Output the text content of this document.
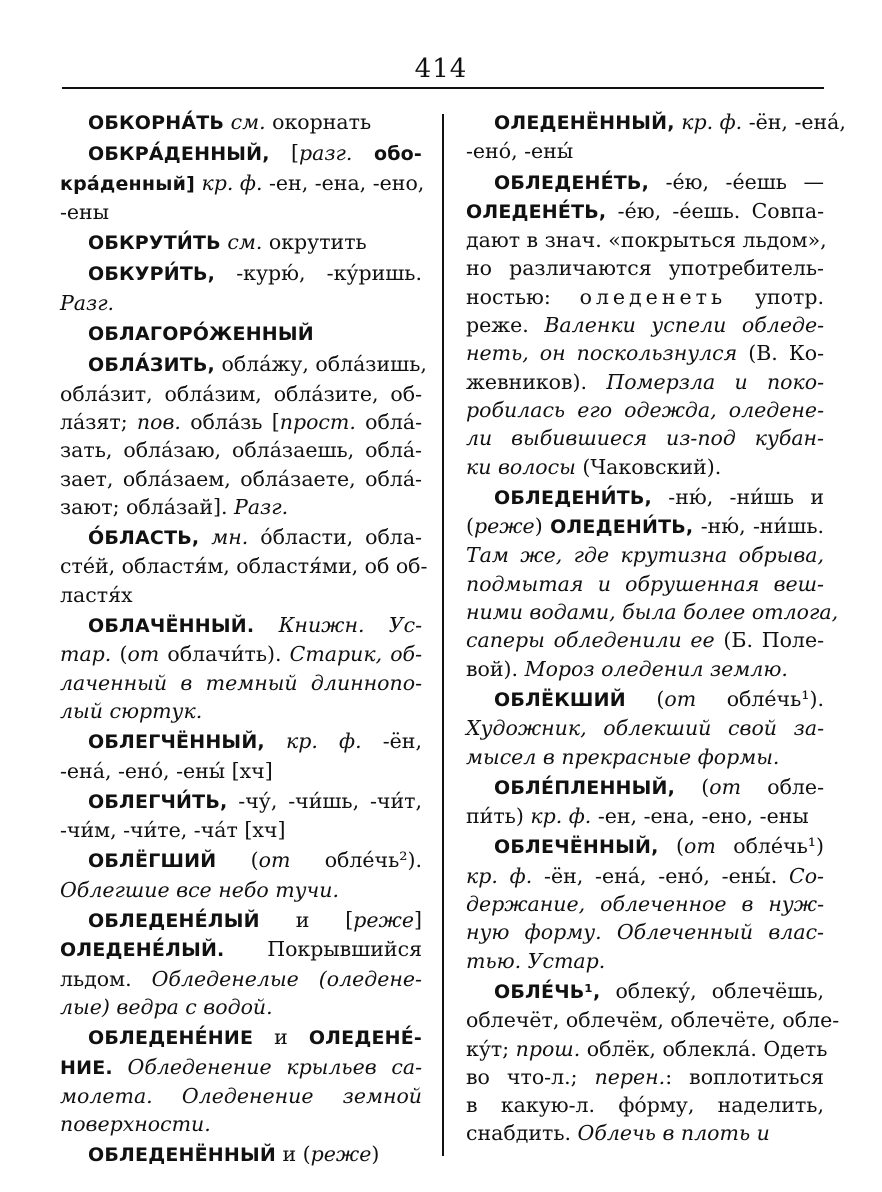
414
ОБКОРНА́ТЬ см. окорнать
ОБКРА́ДЕННЫЙ, [разг. обо-
кра́денный] кр. ф. -ен, -ена, -ено,
-ены
ОБКРУТИ́ТЬ см. окрутить
ОБКУРИ́ТЬ, -курю́, -ку́ришь.
Разг.
ОБЛАГОРО́ЖЕННЫЙ
ОБЛА́ЗИТЬ, обла́жу, обла́зишь,
обла́зит, обла́зим, обла́зите, об-
ла́зят; пов. обла́зь [прост. обла́-
зать, обла́заю, обла́заешь, обла́-
зает, обла́заем, обла́заете, обла́-
зают; обла́зай]. Разг.
О́БЛАСТЬ, мн. о́бласти, обла-
сте́й, областя́м, областя́ми, об об-
ластя́х
ОБЛАЧЁННЫЙ. Книжн. Ус-
тар. (от облачи́ть). Старик, об-
лаченный в темный длиннопо-
лый сюртук.
ОБЛЕГЧЁННЫЙ, кр. ф. -ён,
-ена́, -ено́, -ены́ [хч]
ОБЛЕГЧИ́ТЬ, -чу́, -чи́шь, -чи́т,
-чи́м, -чи́те, -ча́т [хч]
ОБЛЁГШИЙ (от обле́чь²).
Облегшие все небо тучи.
ОБЛЕДЕНЕ́ЛЫЙ и [реже]
ОЛЕДЕНЕ́ЛЫЙ. Покрывшийся
льдом. Обледенелые (оледене-
лые) ведра с водой.
ОБЛЕДЕНЕ́НИЕ и ОЛЕДЕНЕ́-
НИЕ. Обледенение крыльев са-
молета. Оледенение земной
поверхности.
ОБЛЕДЕНЁННЫЙ и (реже)
ОЛЕДЕНЁННЫЙ, кр. ф. -ён, -ена́,
-ено́, -ены́
ОБЛЕДЕНЕ́ТЬ, -е́ю, -е́ешь —
ОЛЕДЕНЕ́ТЬ, -е́ю, -е́ешь. Совпа-
дают в знач. «покрыться льдом»,
но различаются употребитель-
ностью: оледенеть употр.
реже. Валенки успели обледе-
неть, он поскользнулся (В. Ко-
жевников). Померзла и поко-
робилась его одежда, оледене-
ли выбившиеся из-под кубан-
ки волосы (Чаковский).
ОБЛЕДЕНИ́ТЬ, -ню́, -ни́шь и
(реже) ОЛЕДЕНИ́ТЬ, -ню́, -ни́шь.
Там же, где крутизна обрыва,
подмытая и обрушенная веш-
ними водами, была более отлога,
саперы обледенили ее (Б. Поле-
вой). Мороз оледенил землю.
ОБЛЁКШИЙ (от обле́чь¹).
Художник, облекший свой за-
мысел в прекрасные формы.
ОБЛЕ́ПЛЕННЫЙ, (от обле-
пи́ть) кр. ф. -ен, -ена, -ено, -ены
ОБЛЕЧЁННЫЙ, (от обле́чь¹)
кр. ф. -ён, -ена́, -ено́, -ены́. Со-
держание, облеченное в нуж-
ную форму. Облеченный влас-
тью. Устар.
ОБЛЕ́ЧЬ¹, облеку́, облечёшь,
облечёт, облечём, облечёте, обле-
ку́т; прош. облёк, облекла́. Одеть
во что-л.; перен.: воплотиться
в какую-л. фо́рму, наделить,
снабдить. Облечь в плоть и
